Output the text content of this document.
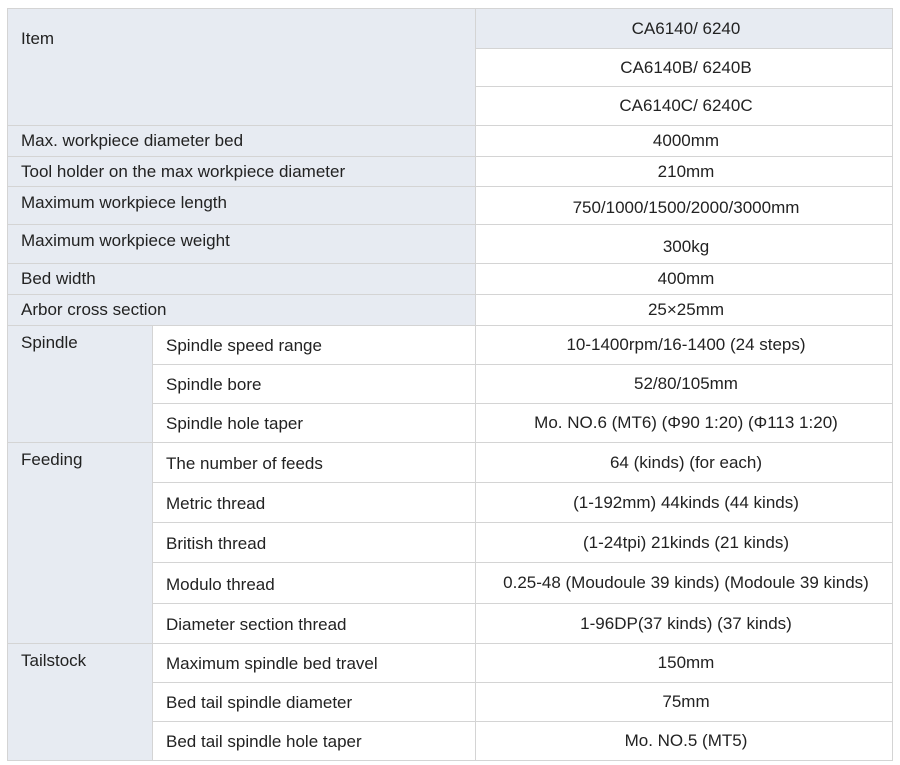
Item		CA6140/ 6240
		CA6140B/ 6240B
		CA6140C/ 6240C
Max. workpiece diameter bed		4000mm
Tool holder on the max workpiece diameter		210mm
Maximum workpiece length		750/1000/1500/2000/3000mm
Maximum workpiece weight		300kg
Bed width		400mm
Arbor cross section		25×25mm
Spindle	Spindle speed range	10-1400rpm/16-1400 (24 steps)
	Spindle bore	52/80/105mm
	Spindle hole taper	Mo. NO.6 (MT6) (Φ90 1:20) (Φ113 1:20)
Feeding	The number of feeds	64 (kinds) (for each)
	Metric thread	(1-192mm) 44kinds (44 kinds)
	British thread	(1-24tpi) 21kinds (21 kinds)
	Modulo thread	0.25-48 (Moudoule 39 kinds) (Modoule 39 kinds)
	Diameter section thread	1-96DP(37 kinds) (37 kinds)
Tailstock	Maximum spindle bed travel	150mm
	Bed tail spindle diameter	75mm
	Bed tail spindle hole taper	Mo. NO.5 (MT5)
